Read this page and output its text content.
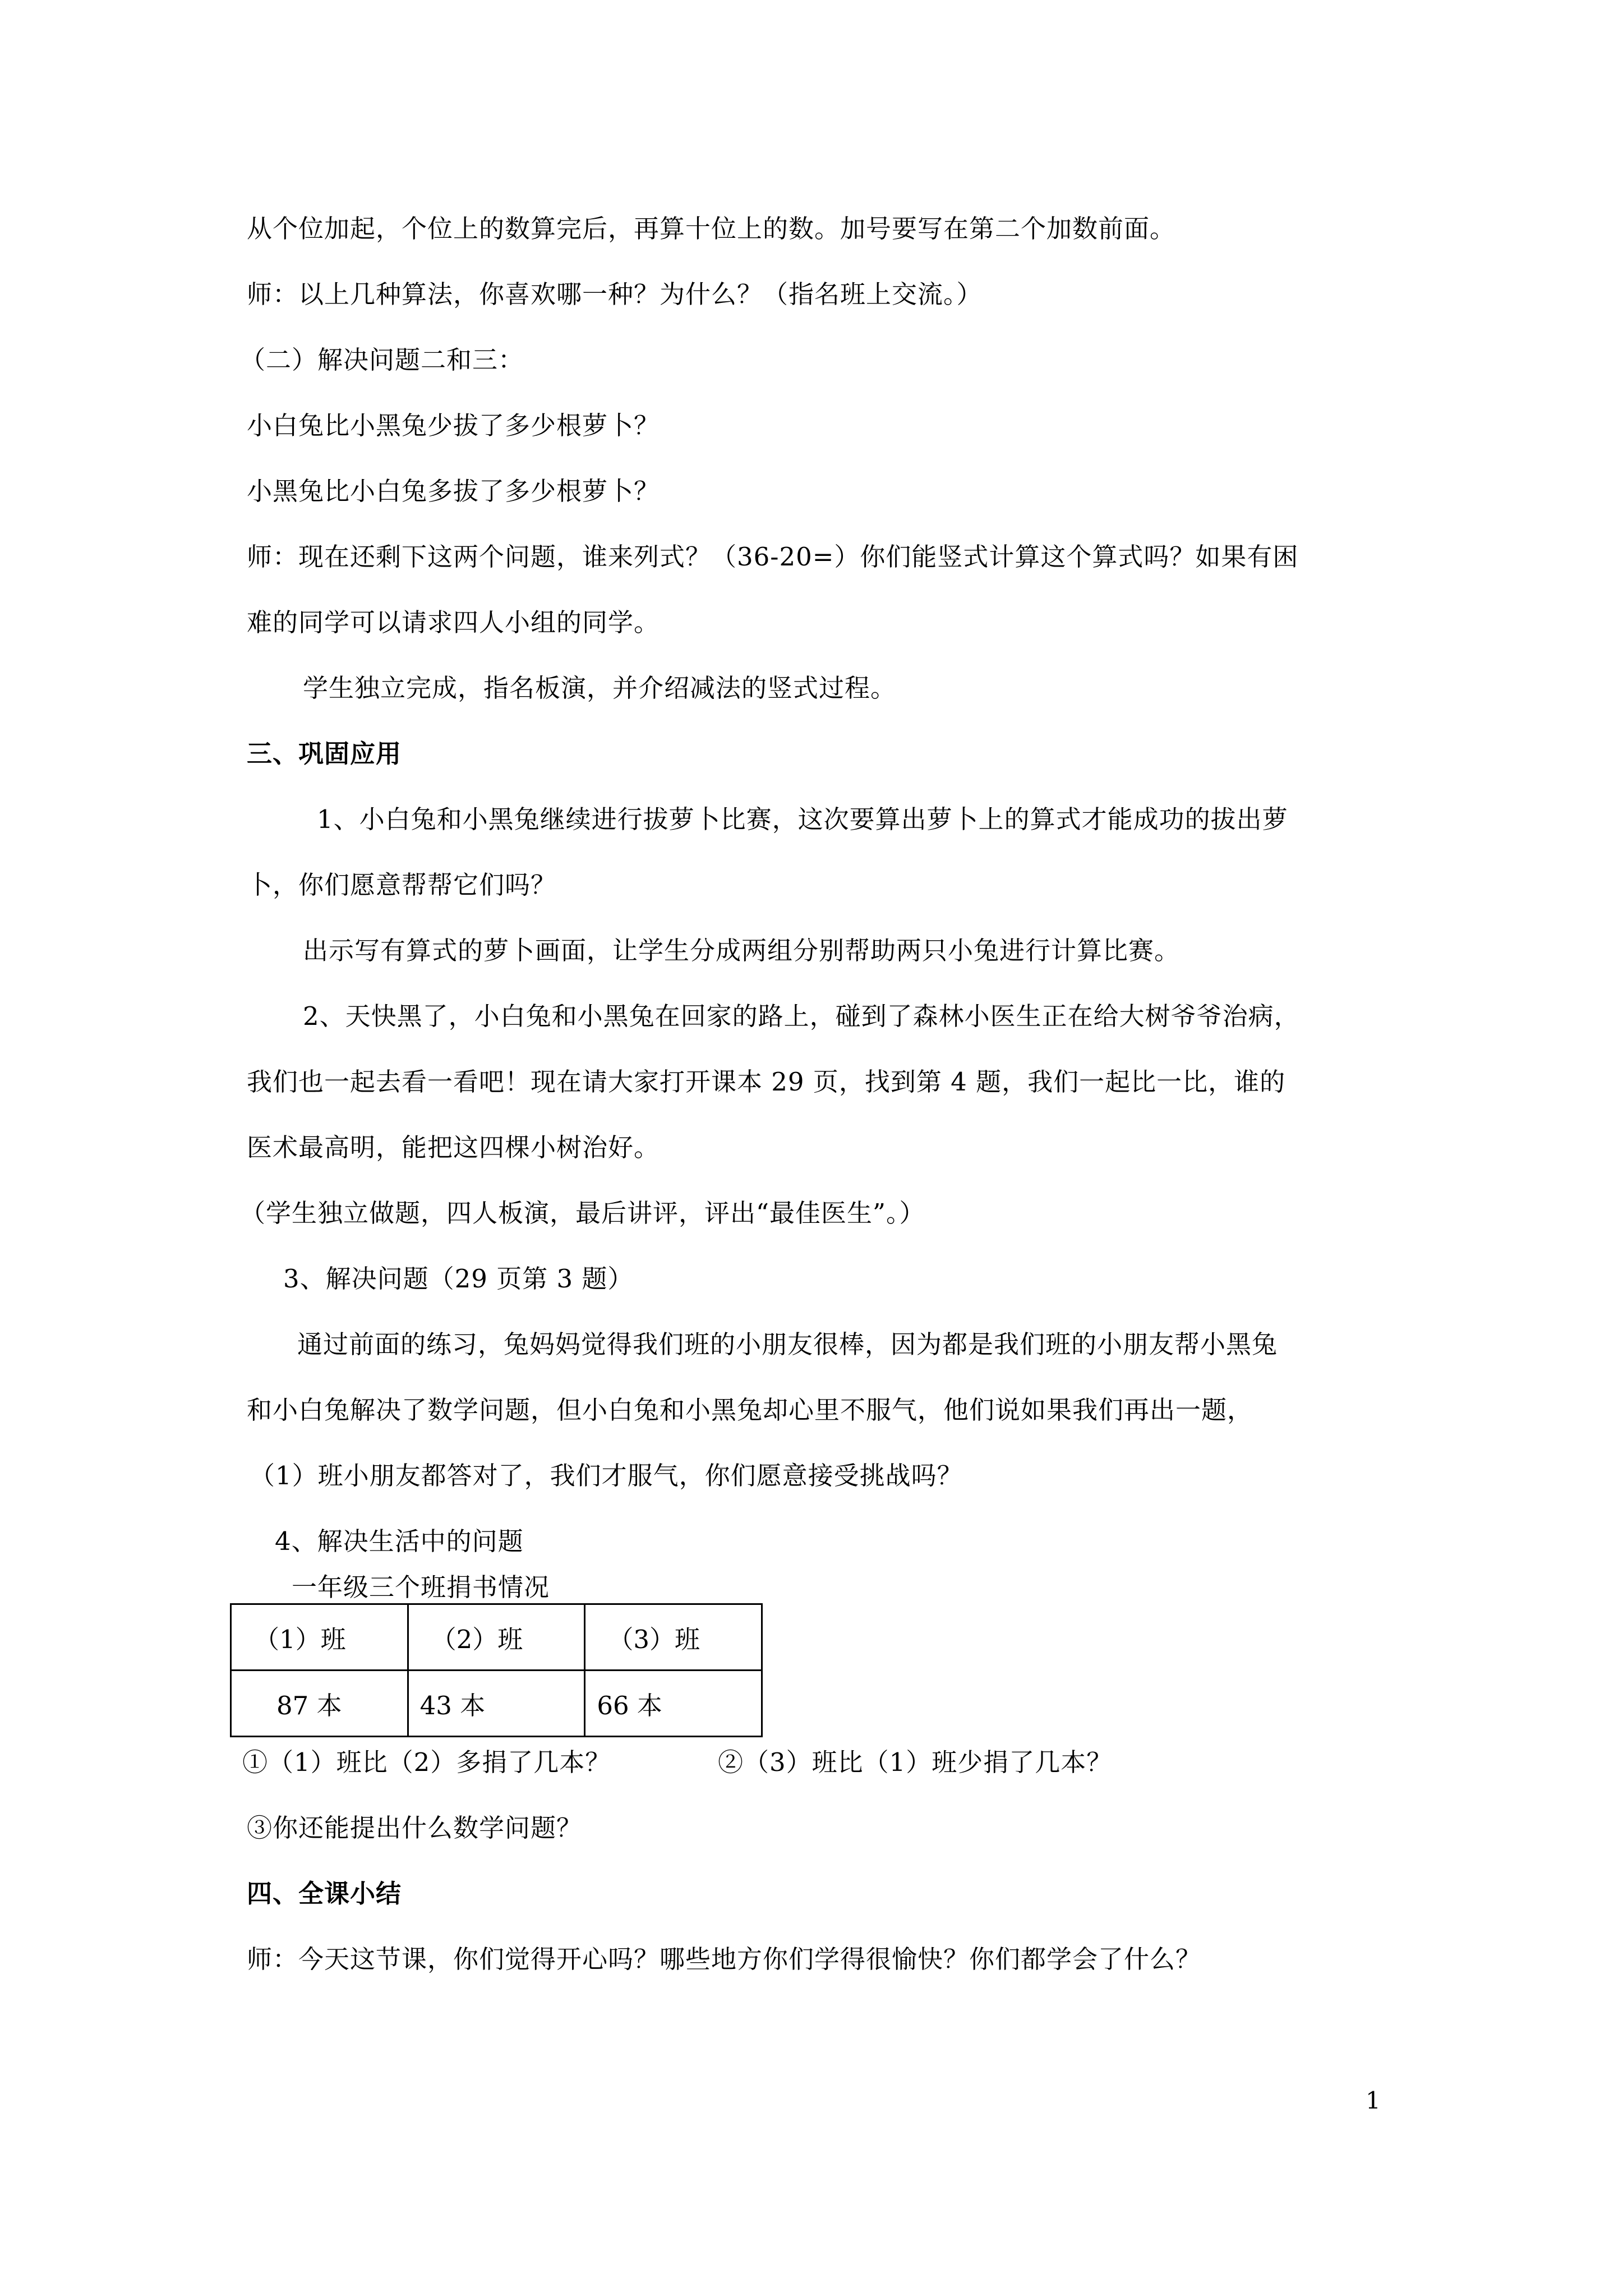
从个位加起，个位上的数算完后，再算十位上的数。加号要写在第二个加数前面。

师：以上几种算法，你喜欢哪一种？为什么？（指名班上交流。）

（二）解决问题二和三：

小白兔比小黑兔少拔了多少根萝卜？

小黑兔比小白兔多拔了多少根萝卜？

师：现在还剩下这两个问题，谁来列式？（36-20=）你们能竖式计算这个算式吗？如果有困

难的同学可以请求四人小组的同学。

学生独立完成，指名板演，并介绍减法的竖式过程。

三、巩固应用

1、小白兔和小黑兔继续进行拔萝卜比赛，这次要算出萝卜上的算式才能成功的拔出萝

卜，你们愿意帮帮它们吗？

出示写有算式的萝卜画面，让学生分成两组分别帮助两只小兔进行计算比赛。

2、天快黑了，小白兔和小黑兔在回家的路上，碰到了森林小医生正在给大树爷爷治病，

我们也一起去看一看吧！现在请大家打开课本 29 页，找到第 4 题，我们一起比一比，谁的

医术最高明，能把这四棵小树治好。

（学生独立做题，四人板演，最后讲评，评出“最佳医生”。）

3、解决问题（29 页第 3 题）

通过前面的练习，兔妈妈觉得我们班的小朋友很棒，因为都是我们班的小朋友帮小黑兔

和小白兔解决了数学问题，但小白兔和小黑兔却心里不服气，他们说如果我们再出一题，

（1）班小朋友都答对了，我们才服气，你们愿意接受挑战吗？

4、解决生活中的问题

一年级三个班捐书情况

（1）班	（2）班	（3）班
87 本	43 本	66 本

①（1）班比（2）多捐了几本？	②（3）班比（1）班少捐了几本？

③你还能提出什么数学问题？

四、全课小结

师：今天这节课，你们觉得开心吗？哪些地方你们学得很愉快？你们都学会了什么？

1
